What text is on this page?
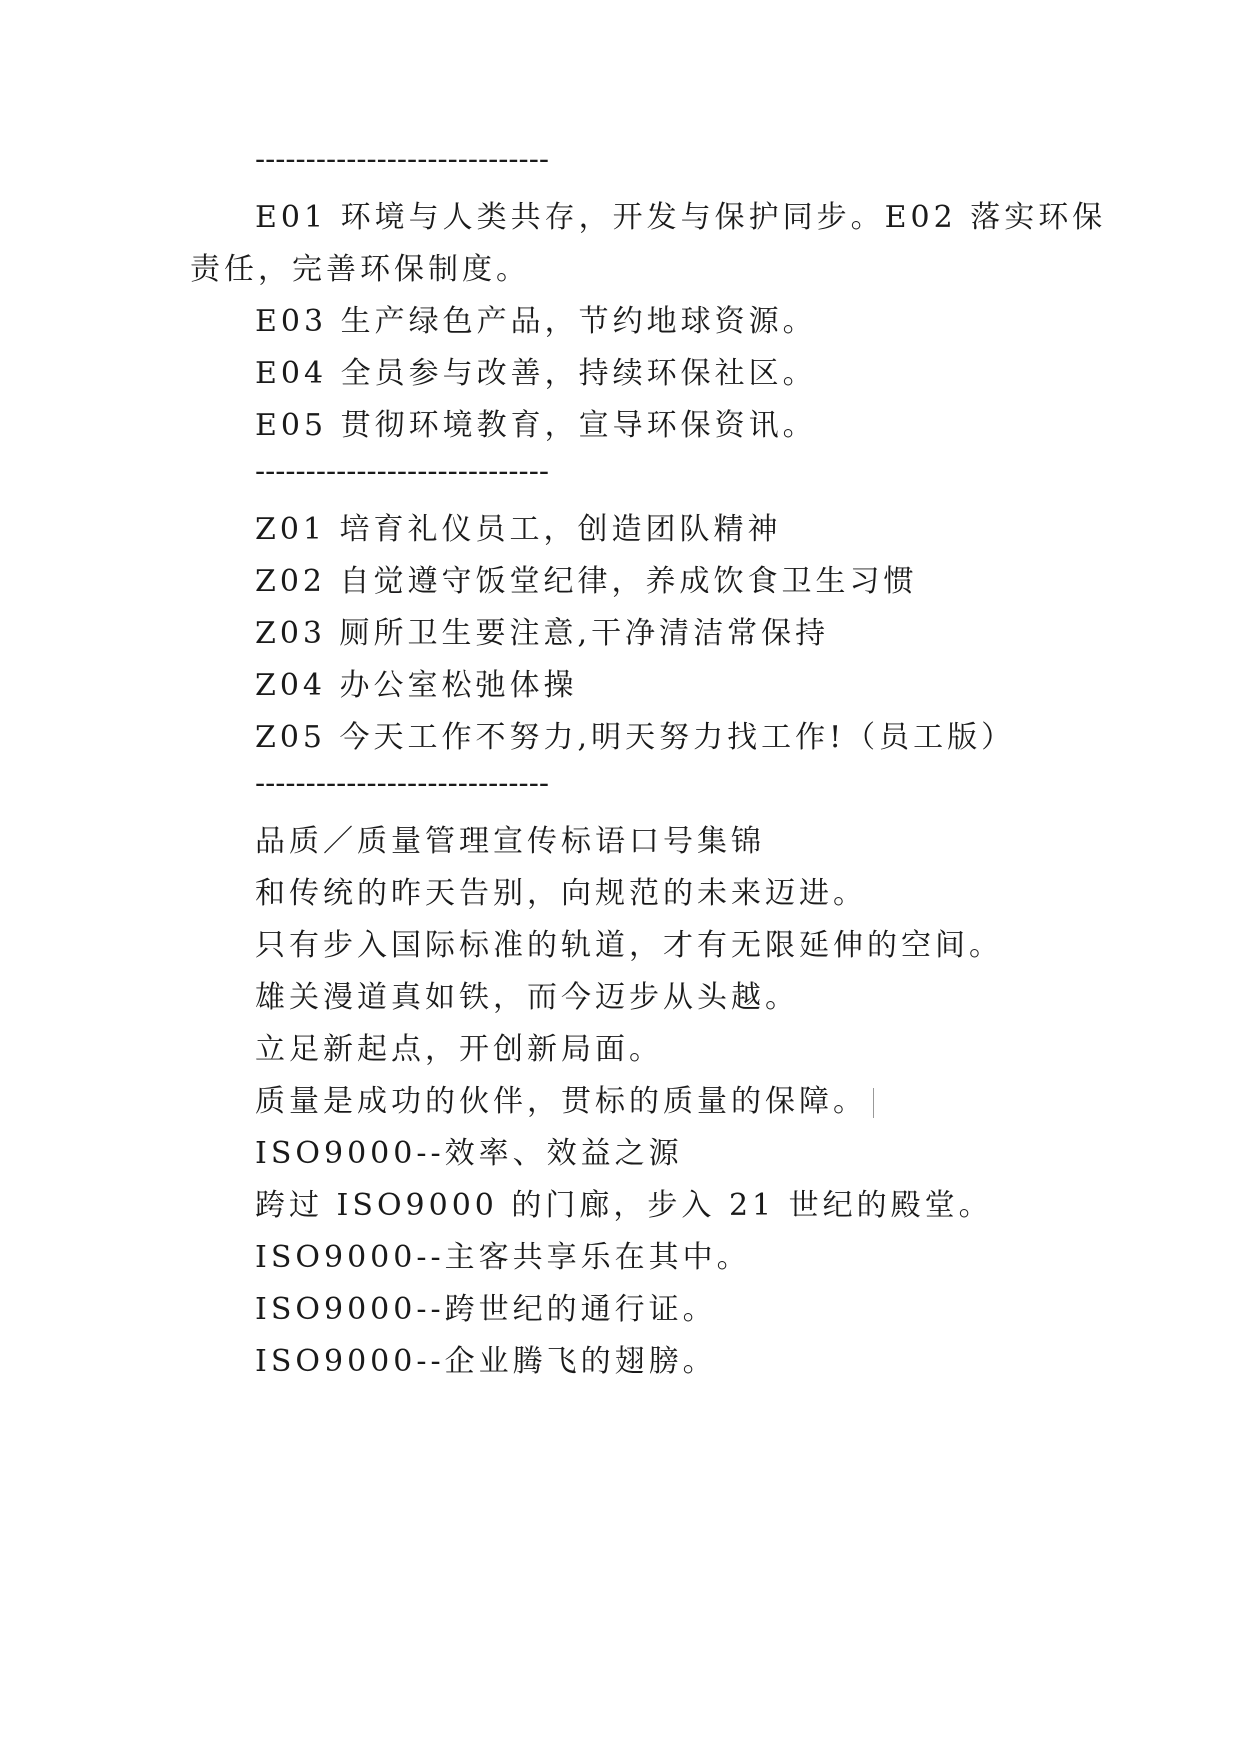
-----------------------------
E01 环境与人类共存，开发与保护同步。E02 落实环保
责任，完善环保制度。
E03 生产绿色产品，节约地球资源。
E04 全员参与改善，持续环保社区。
E05 贯彻环境教育，宣导环保资讯。
-----------------------------
Z01 培育礼仪员工，创造团队精神
Z02 自觉遵守饭堂纪律，养成饮食卫生习惯
Z03 厕所卫生要注意,干净清洁常保持
Z04 办公室松弛体操
Z05 今天工作不努力,明天努力找工作!（员工版）
-----------------------------
品质／质量管理宣传标语口号集锦
和传统的昨天告别，向规范的未来迈进。
只有步入国际标准的轨道，才有无限延伸的空间。
雄关漫道真如铁，而今迈步从头越。
立足新起点，开创新局面。
质量是成功的伙伴，贯标的质量的保障。
ISO9000--效率、效益之源
跨过 ISO9000 的门廊，步入 21 世纪的殿堂。
ISO9000--主客共享乐在其中。
ISO9000--跨世纪的通行证。
ISO9000--企业腾飞的翅膀。
